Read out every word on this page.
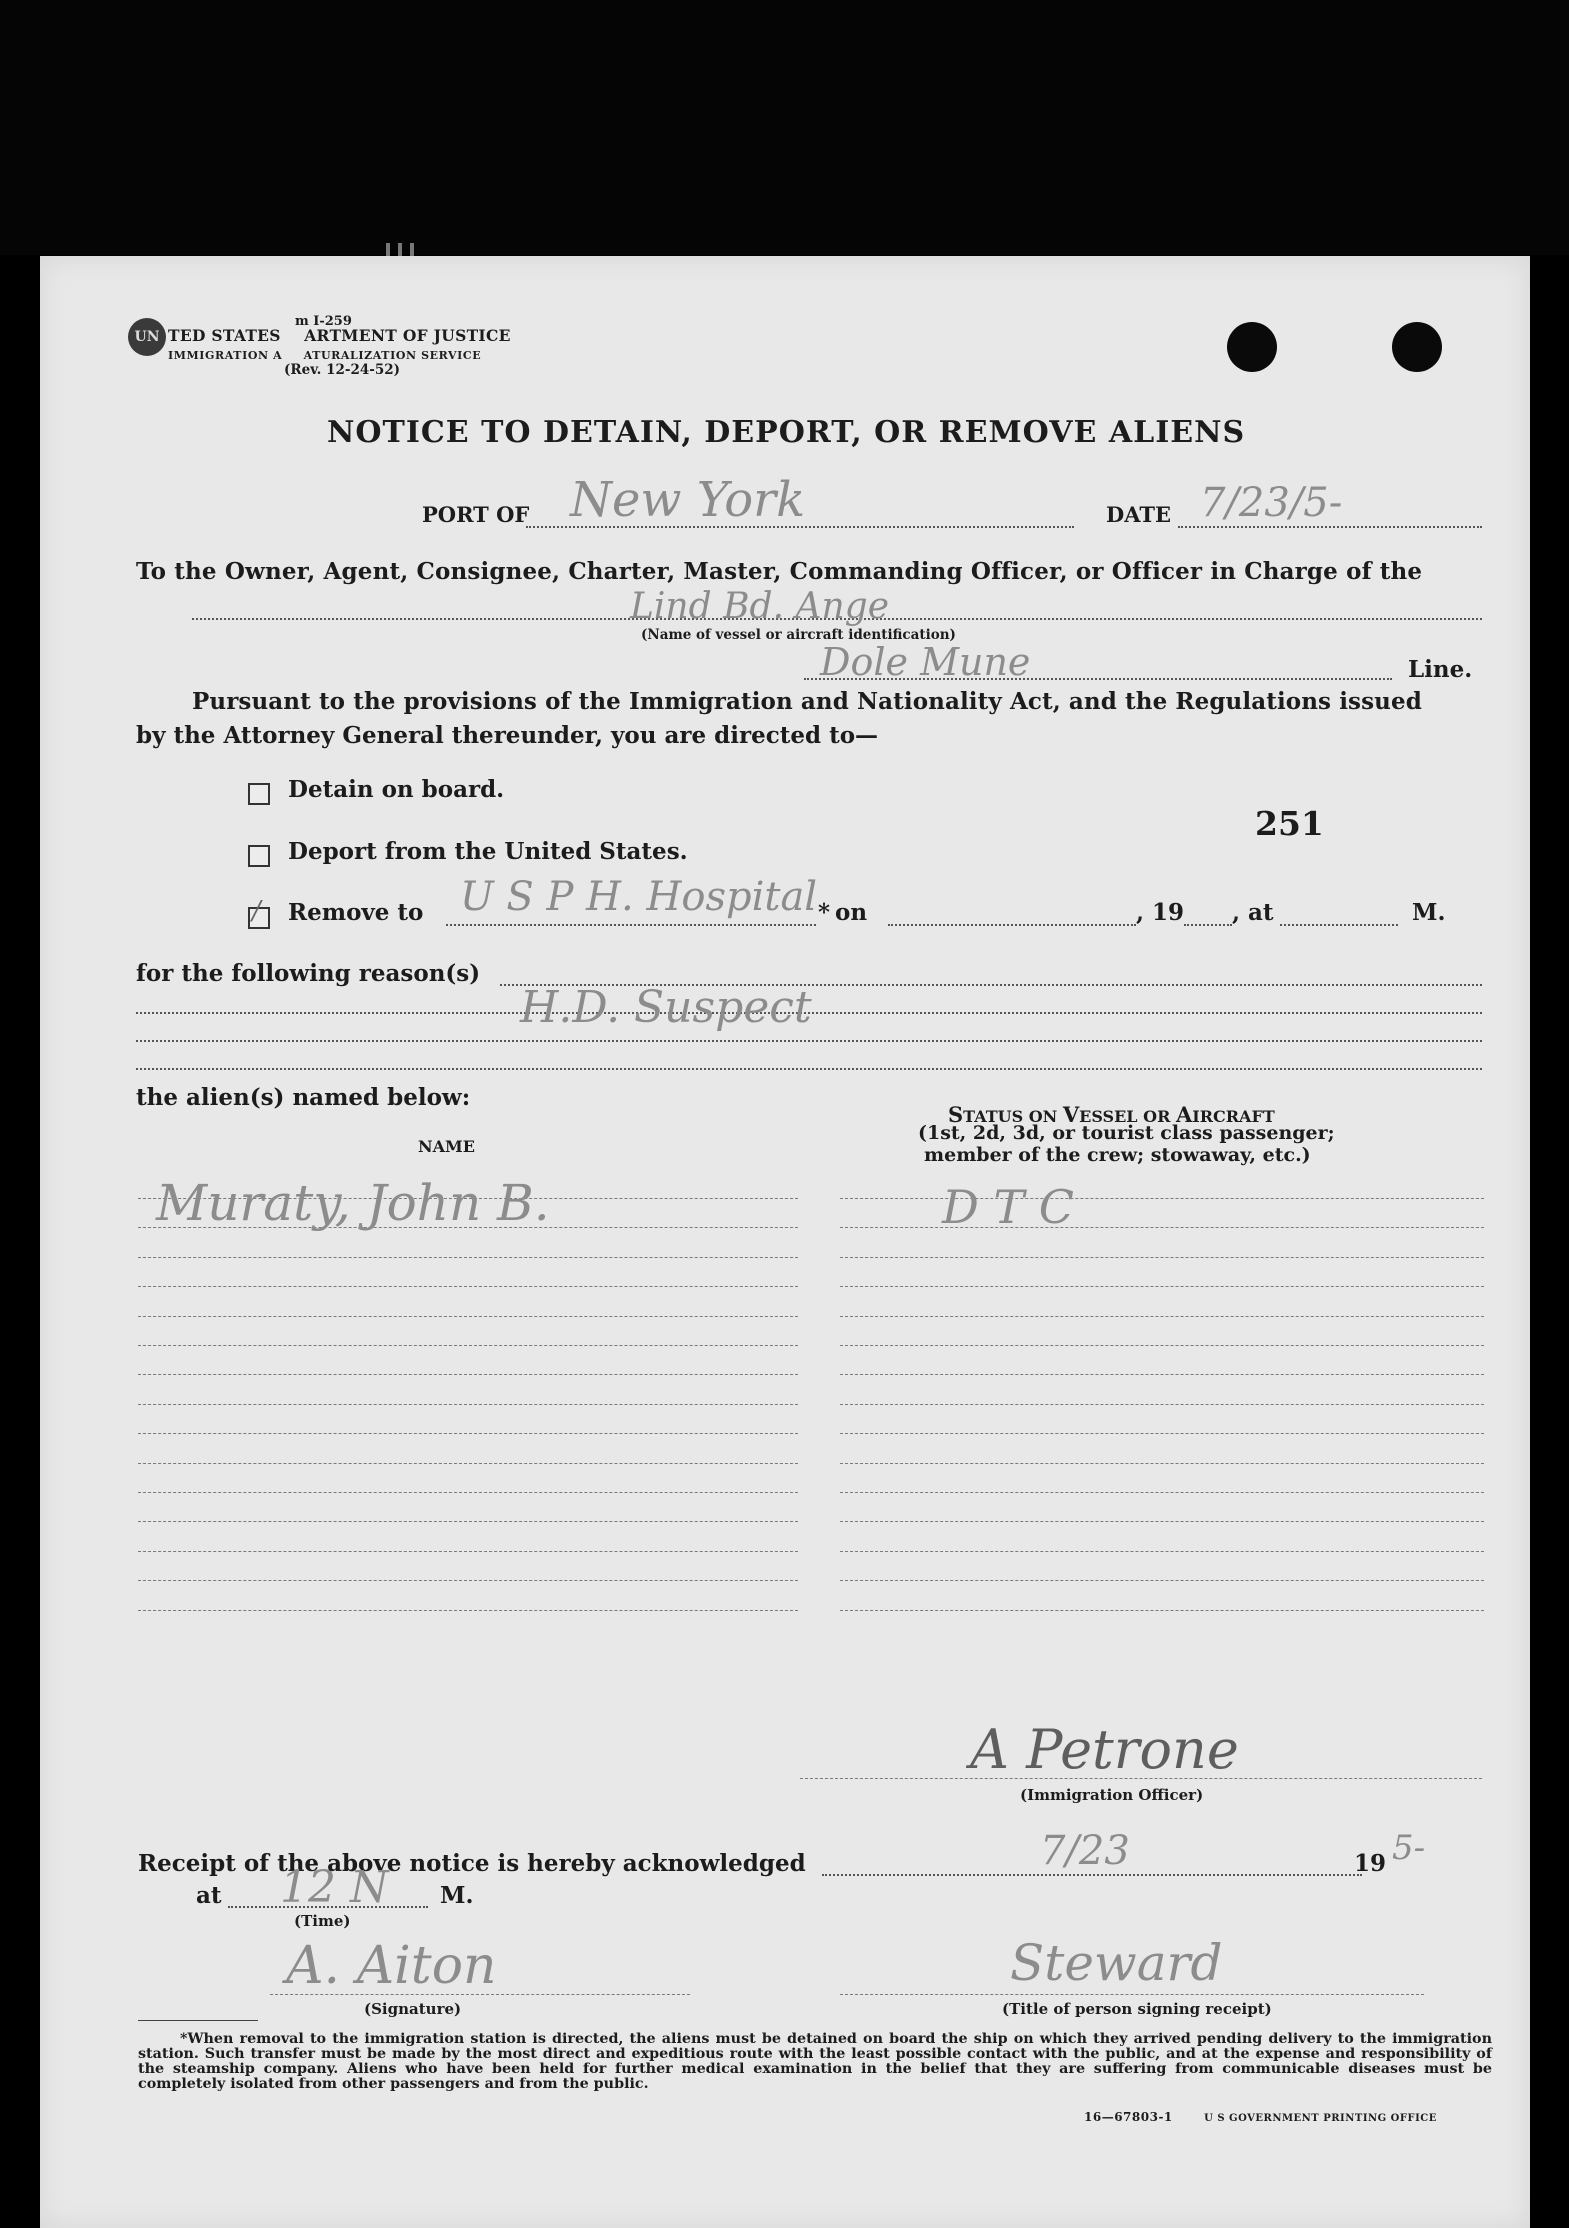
UN TED STATES ARTMENT OF JUSTICE
m I-259
IMMIGRATION A ATURALIZATION SERVICE
(Rev. 12-24-52)
NOTICE TO DETAIN, DEPORT, OR REMOVE ALIENS
PORT OF New York	DATE 7/23/5-
To the Owner, Agent, Consignee, Charter, Master, Commanding Officer, or Officer in Charge of the
Lind Bd. Ange
(Name of vessel or aircraft identification)
Dole Mune	Line.
Pursuant to the provisions of the Immigration and Nationality Act, and the Regulations issued
by the Attorney General thereunder, you are directed to—
Detain on board.
Deport from the United States.
251
/ Remove to U S P H. Hospital * on	, 19 , at	M.
for the following reason(s)
H.D. Suspect
the alien(s) named below:
NAME
STATUS ON VESSEL OR AIRCRAFT
(1st, 2d, 3d, or tourist class passenger;
member of the crew; stowaway, etc.)
Muraty, John B.	D T C
A Petrone
(Immigration Officer)
Receipt of the above notice is hereby acknowledged	7/23	19 5-
at 12 N M.
(Time)
A. Aiton
(Signature)
Steward
(Title of person signing receipt)
*When removal to the immigration station is directed, the aliens must be detained on board the ship on which they arrived pending delivery to the immigration station. Such transfer must be made by the most direct and expeditious route with the least possible contact with the public, and at the expense and responsibility of the steamship company. Aliens who have been held for further medical examination in the belief that they are suffering from communicable diseases must be completely isolated from other passengers and from the public.
16—67803-1	U S GOVERNMENT PRINTING OFFICE
